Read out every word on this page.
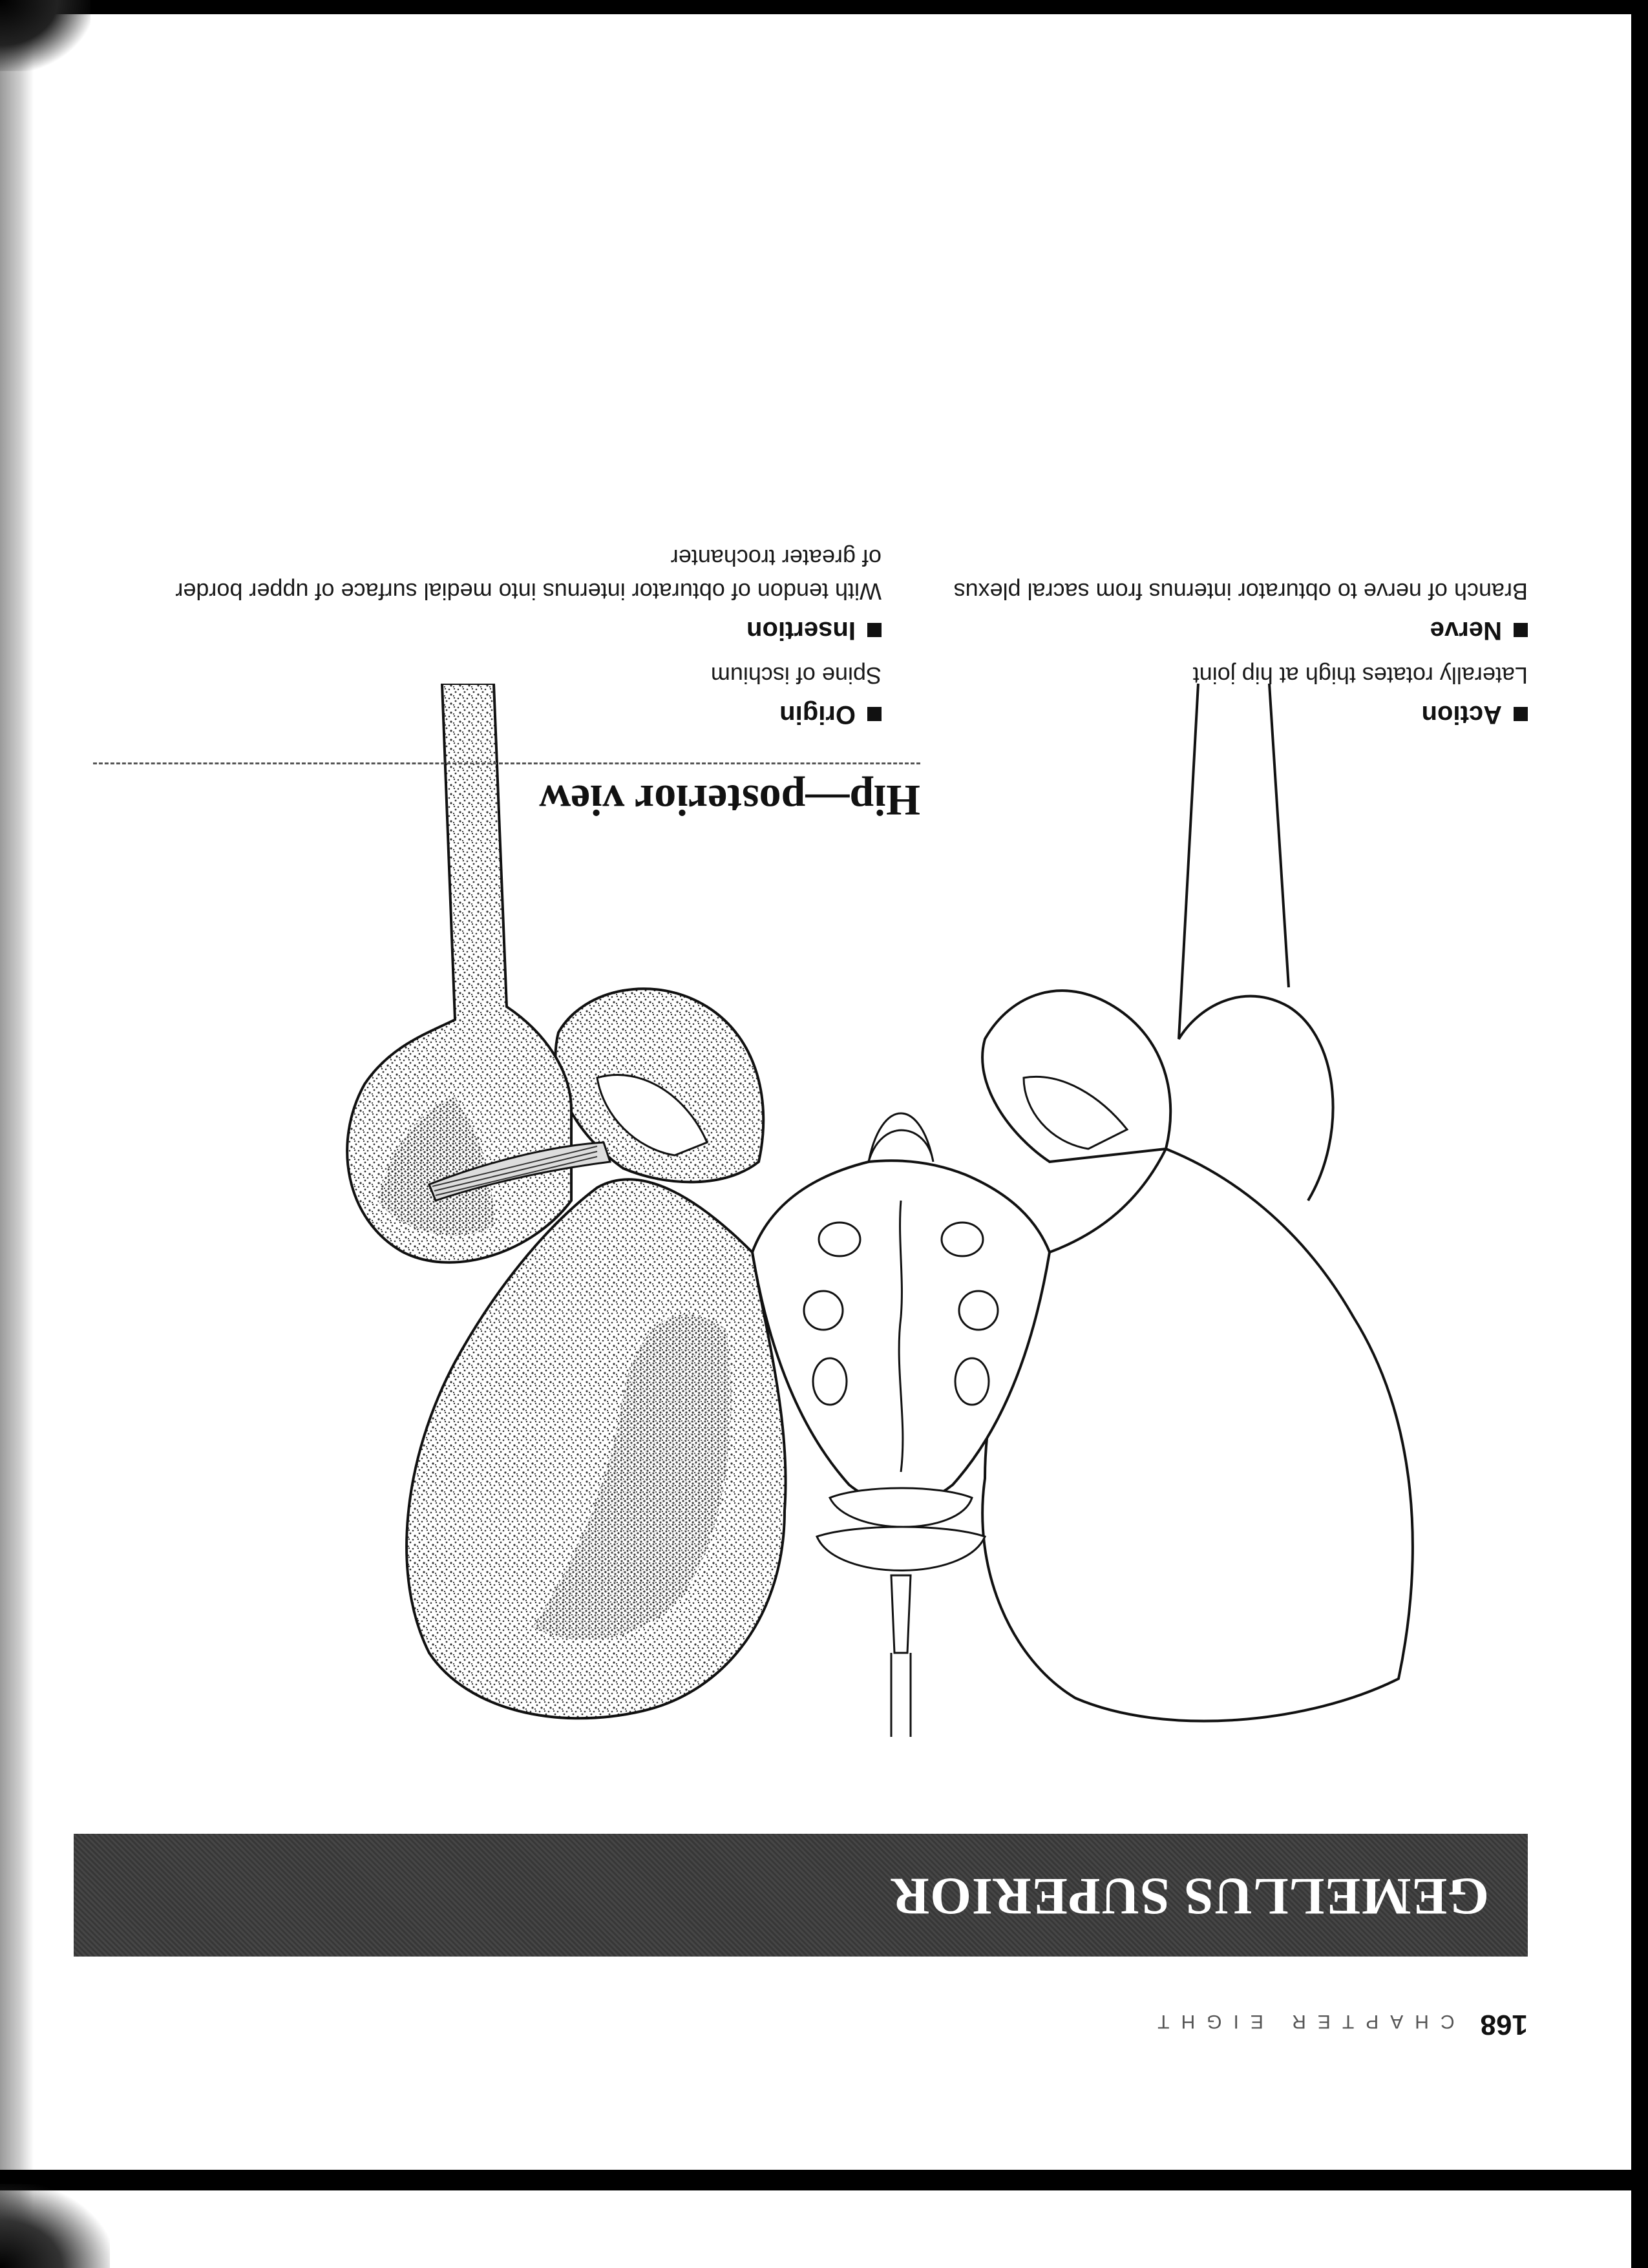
168
CHAPTER EIGHT
GEMELLUS SUPERIOR
Hip—posterior view
Origin
Spine of ischium
Insertion
With tendon of obturator internus into medial surface of upper border of greater trochanter
Action
Laterally rotates thigh at hip joint
Nerve
Branch of nerve to obturator internus from sacral plexus
